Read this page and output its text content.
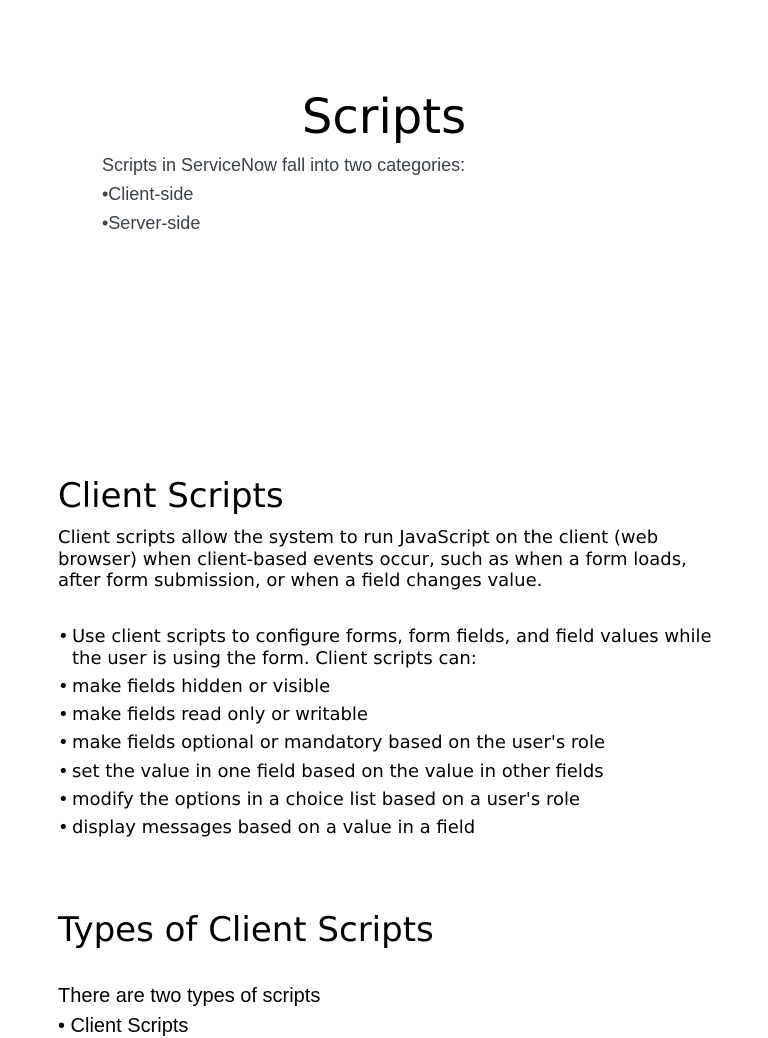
Scripts
Scripts in ServiceNow fall into two categories:
•Client-side
•Server-side
Client Scripts
Client scripts allow the system to run JavaScript on the client (web browser) when client-based events occur, such as when a form loads, after form submission, or when a field changes value.
• Use client scripts to configure forms, form fields, and field values while the user is using the form. Client scripts can:
• make fields hidden or visible
• make fields read only or writable
• make fields optional or mandatory based on the user's role
• set the value in one field based on the value in other fields
• modify the options in a choice list based on a user's role
• display messages based on a value in a field
Types of Client Scripts
There are two types of scripts
• Client Scripts
